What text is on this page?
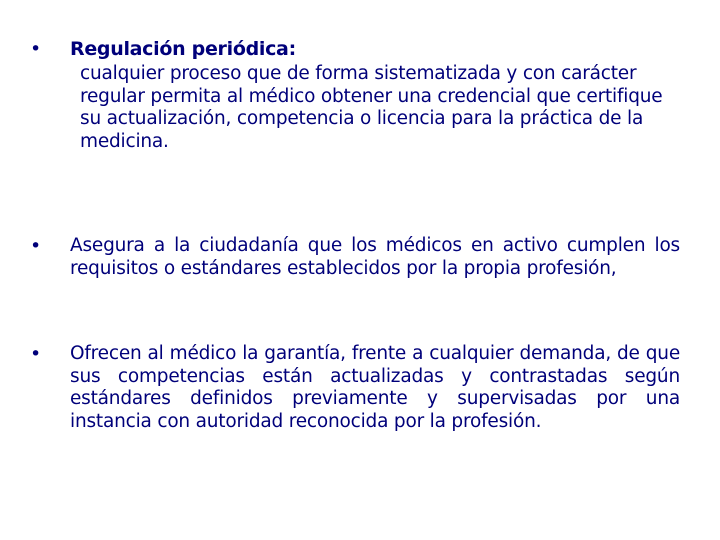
• Regulación periódica:
cualquier proceso que de forma sistematizada y con carácter regular permita al médico obtener una credencial que certifique su actualización, competencia o licencia para la práctica de la medicina.
• Asegura a la ciudadanía que los médicos en activo cumplen los requisitos o estándares establecidos por la propia profesión,
• Ofrecen al médico la garantía, frente a cualquier demanda, de que sus competencias están actualizadas y contrastadas según estándares definidos previamente y supervisadas por una instancia con autoridad reconocida por la profesión.
